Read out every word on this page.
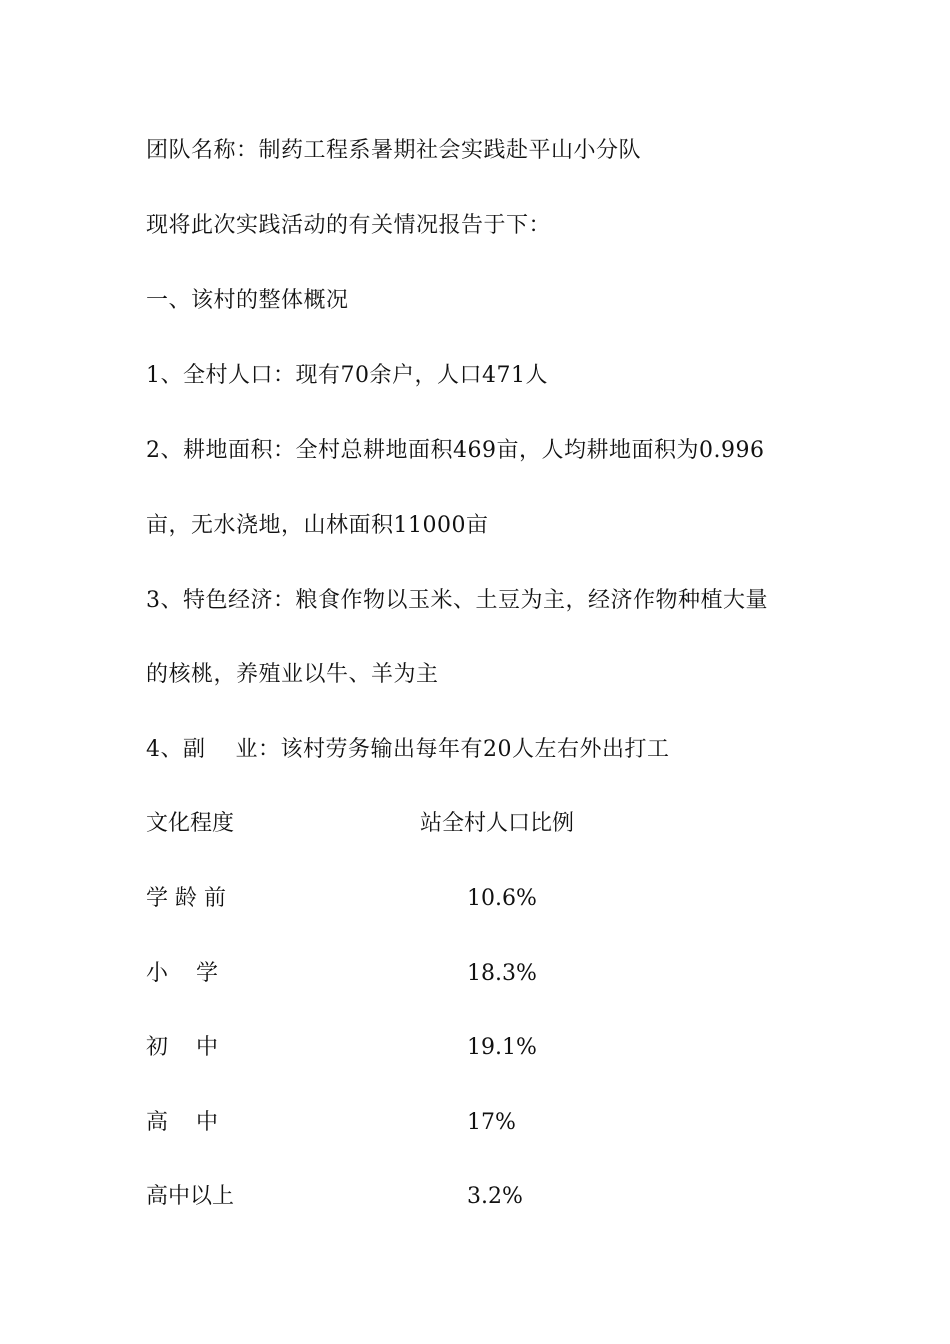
团队名称：制药工程系暑期社会实践赴平山小分队
现将此次实践活动的有关情况报告于下：
一、该村的整体概况
1、全村人口：现有70余户，人口471人
2、耕地面积：全村总耕地面积469亩，人均耕地面积为0.996
亩，无水浇地，山林面积11000亩
3、特色经济：粮食作物以玉米、土豆为主，经济作物种植大量
的核桃，养殖业以牛、羊为主
4、副    业：该村劳务输出每年有20人左右外出打工
文化程度	站全村人口比例
学 龄 前	10.6%
小    学	18.3%
初    中	19.1%
高    中	17%
高中以上	3.2%
